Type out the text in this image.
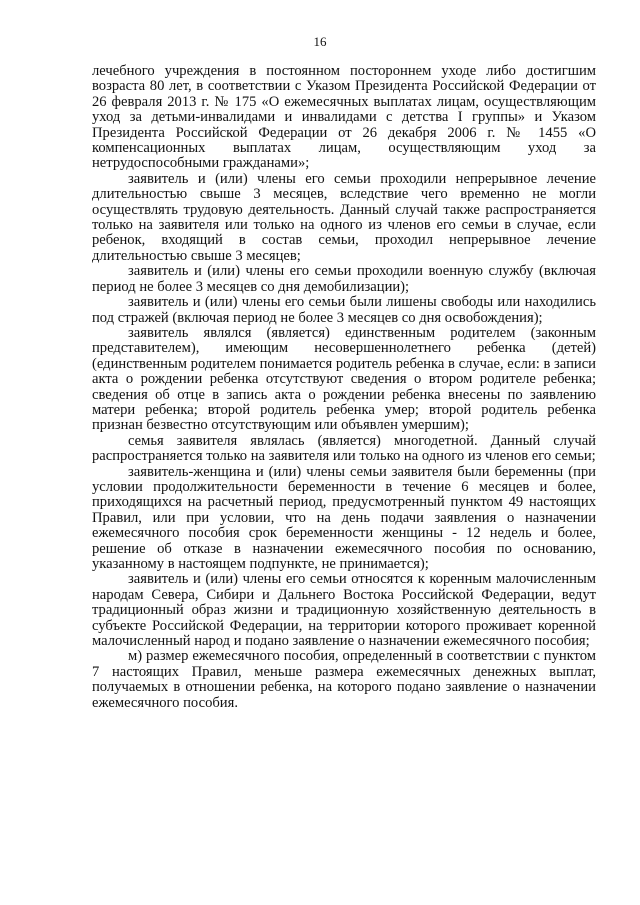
16

лечебного учреждения в постоянном постороннем уходе либо достигшим возраста 80 лет, в соответствии с Указом Президента Российской Федерации от 26 февраля 2013 г. № 175 «О ежемесячных выплатах лицам, осуществляющим уход за детьми-инвалидами и инвалидами с детства I группы» и Указом Президента Российской Федерации от 26 декабря 2006 г. № 1455 «О компенсационных выплатах лицам, осуществляющим уход за нетрудоспособными гражданами»;

заявитель и (или) члены его семьи проходили непрерывное лечение длительностью свыше 3 месяцев, вследствие чего временно не могли осуществлять трудовую деятельность. Данный случай также распространяется только на заявителя или только на одного из членов его семьи в случае, если ребенок, входящий в состав семьи, проходил непрерывное лечение длительностью свыше 3 месяцев;

заявитель и (или) члены его семьи проходили военную службу (включая период не более 3 месяцев со дня демобилизации);

заявитель и (или) члены его семьи были лишены свободы или находились под стражей (включая период не более 3 месяцев со дня освобождения);

заявитель являлся (является) единственным родителем (законным представителем), имеющим несовершеннолетнего ребенка (детей) (единственным родителем понимается родитель ребенка в случае, если: в записи акта о рождении ребенка отсутствуют сведения о втором родителе ребенка; сведения об отце в запись акта о рождении ребенка внесены по заявлению матери ребенка; второй родитель ребенка умер; второй родитель ребенка признан безвестно отсутствующим или объявлен умершим);

семья заявителя являлась (является) многодетной. Данный случай распространяется только на заявителя или только на одного из членов его семьи;

заявитель-женщина и (или) члены семьи заявителя были беременны (при условии продолжительности беременности в течение 6 месяцев и более, приходящихся на расчетный период, предусмотренный пунктом 49 настоящих Правил, или при условии, что на день подачи заявления о назначении ежемесячного пособия срок беременности женщины - 12 недель и более, решение об отказе в назначении ежемесячного пособия по основанию, указанному в настоящем подпункте, не принимается);

заявитель и (или) члены его семьи относятся к коренным малочисленным народам Севера, Сибири и Дальнего Востока Российской Федерации, ведут традиционный образ жизни и традиционную хозяйственную деятельность в субъекте Российской Федерации, на территории которого проживает коренной малочисленный народ и подано заявление о назначении ежемесячного пособия;

м) размер ежемесячного пособия, определенный в соответствии с пунктом 7 настоящих Правил, меньше размера ежемесячных денежных выплат, получаемых в отношении ребенка, на которого подано заявление о назначении ежемесячного пособия.
